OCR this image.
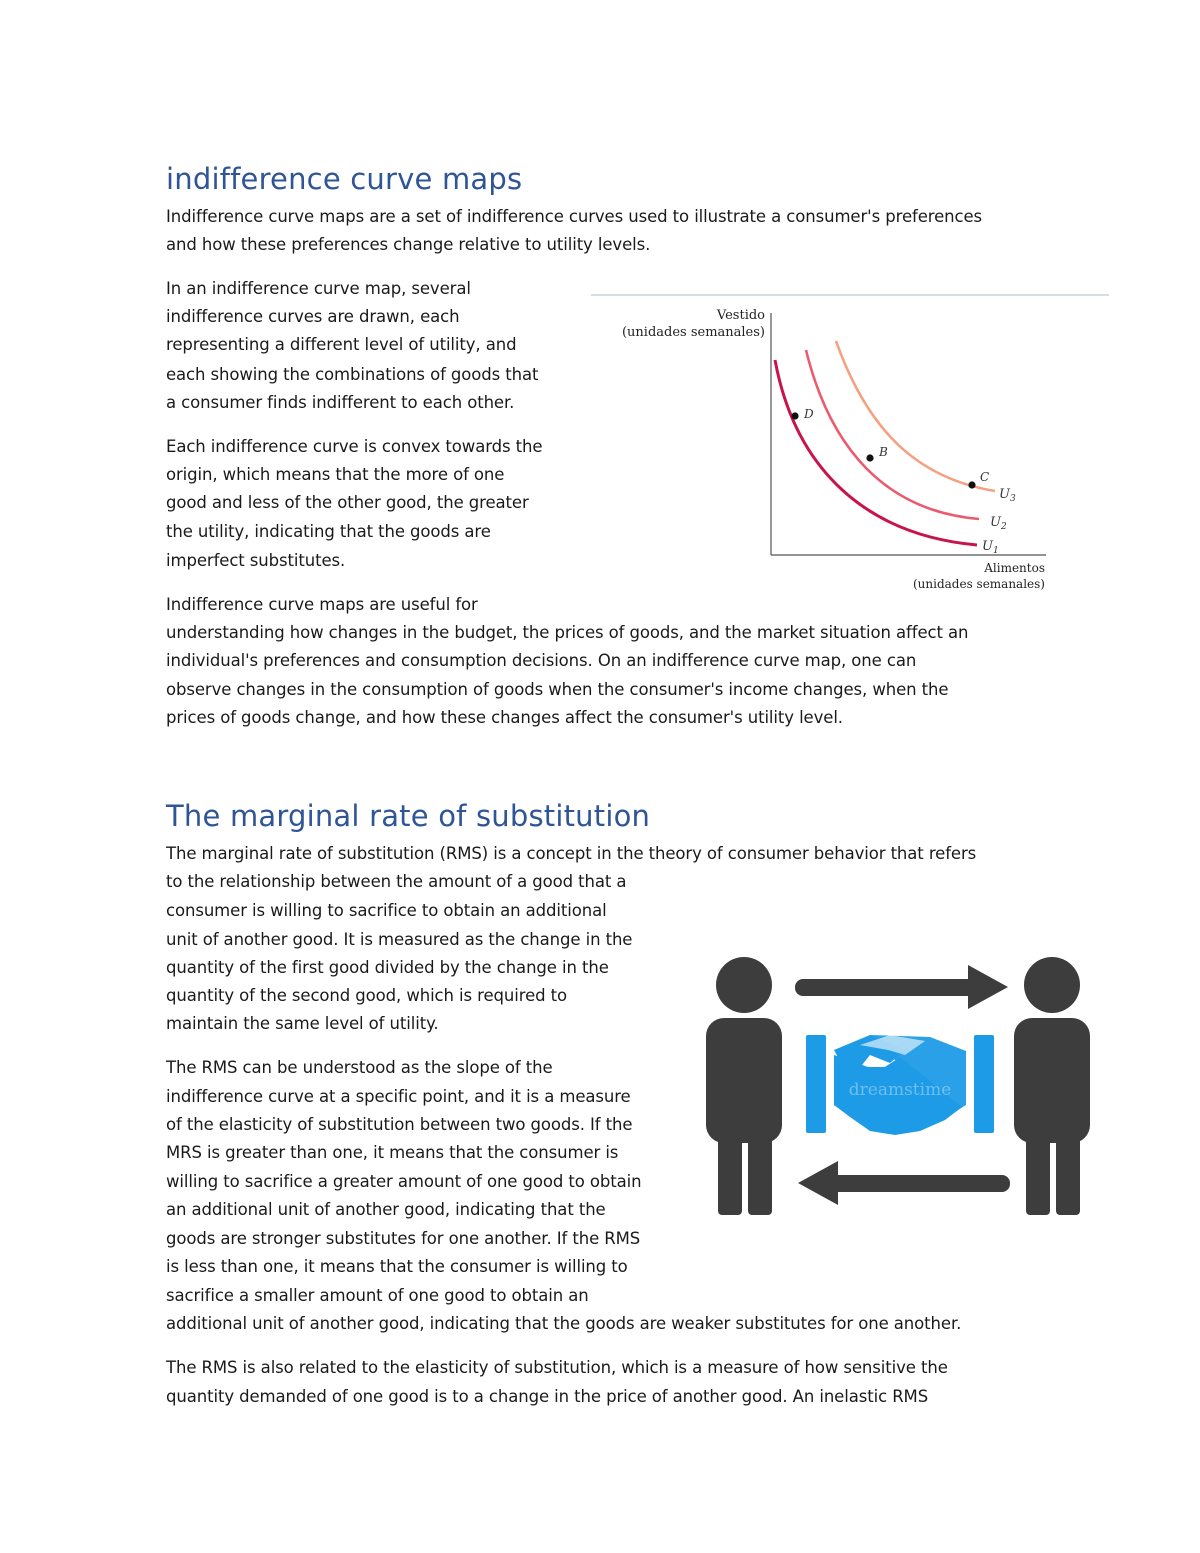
indifference curve maps
Indifference curve maps are a set of indifference curves used to illustrate a consumer's preferences
and how these preferences change relative to utility levels.
In an indifference curve map, several
indifference curves are drawn, each
representing a different level of utility, and
each showing the combinations of goods that
a consumer finds indifferent to each other.
Each indifference curve is convex towards the
origin, which means that the more of one
good and less of the other good, the greater
the utility, indicating that the goods are
imperfect substitutes.
Indifference curve maps are useful for
understanding how changes in the budget, the prices of goods, and the market situation affect an
individual's preferences and consumption decisions. On an indifference curve map, one can
observe changes in the consumption of goods when the consumer's income changes, when the
prices of goods change, and how these changes affect the consumer's utility level.
Vestido
(unidades semanales)
D
B
C
$U_3$
$U_2$
$U_1$
Alimentos
(unidades semanales)
The marginal rate of substitution
The marginal rate of substitution (RMS) is a concept in the theory of consumer behavior that refers
to the relationship between the amount of a good that a
consumer is willing to sacrifice to obtain an additional
unit of another good. It is measured as the change in the
quantity of the first good divided by the change in the
quantity of the second good, which is required to
maintain the same level of utility.
The RMS can be understood as the slope of the
indifference curve at a specific point, and it is a measure
of the elasticity of substitution between two goods. If the
MRS is greater than one, it means that the consumer is
willing to sacrifice a greater amount of one good to obtain
an additional unit of another good, indicating that the
goods are stronger substitutes for one another. If the RMS
is less than one, it means that the consumer is willing to
sacrifice a smaller amount of one good to obtain an
additional unit of another good, indicating that the goods are weaker substitutes for one another.
The RMS is also related to the elasticity of substitution, which is a measure of how sensitive the
quantity demanded of one good is to a change in the price of another good. An inelastic RMS
dreamstime
